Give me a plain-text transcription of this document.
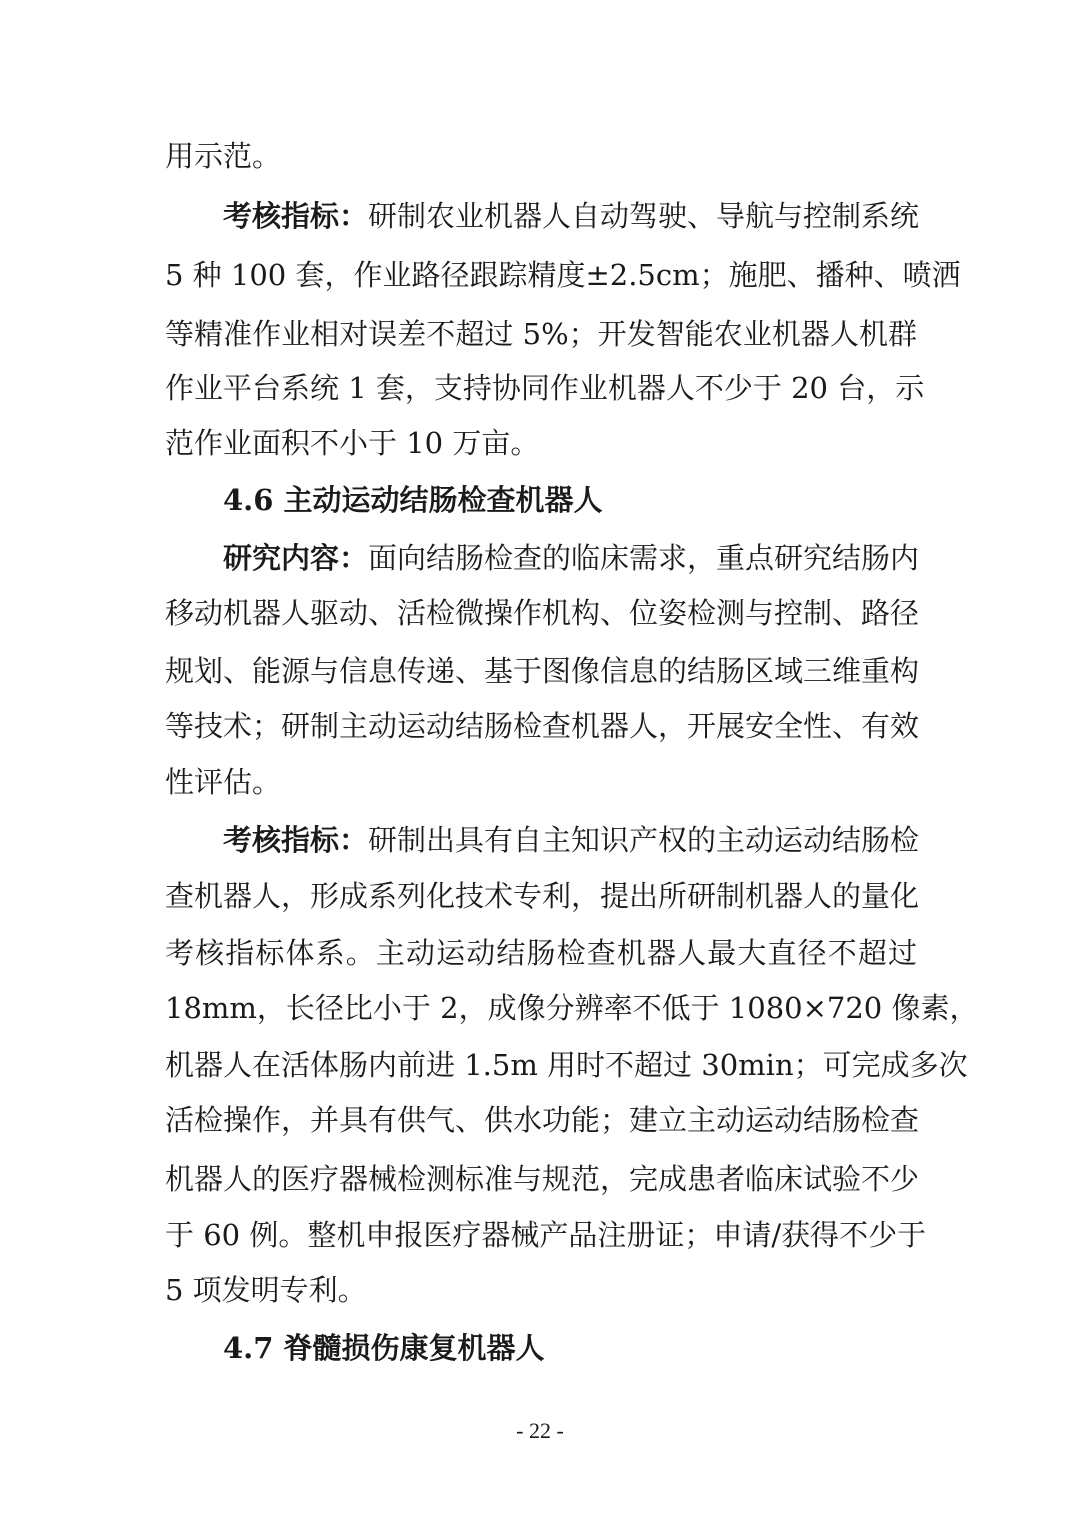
用示范。
考核指标：研制农业机器人自动驾驶、导航与控制系统
5 种 100 套，作业路径跟踪精度±2.5cm；施肥、播种、喷洒
等精准作业相对误差不超过 5%；开发智能农业机器人机群
作业平台系统 1 套，支持协同作业机器人不少于 20 台，示
范作业面积不小于 10 万亩。
4.6 主动运动结肠检查机器人
研究内容：面向结肠检查的临床需求，重点研究结肠内
移动机器人驱动、活检微操作机构、位姿检测与控制、路径
规划、能源与信息传递、基于图像信息的结肠区域三维重构
等技术；研制主动运动结肠检查机器人，开展安全性、有效
性评估。
考核指标：研制出具有自主知识产权的主动运动结肠检
查机器人，形成系列化技术专利，提出所研制机器人的量化
考核指标体系。主动运动结肠检查机器人最大直径不超过
18mm，长径比小于 2，成像分辨率不低于 1080×720 像素，
机器人在活体肠内前进 1.5m 用时不超过 30min；可完成多次
活检操作，并具有供气、供水功能；建立主动运动结肠检查
机器人的医疗器械检测标准与规范，完成患者临床试验不少
于 60 例。整机申报医疗器械产品注册证；申请/获得不少于
5 项发明专利。
4.7 脊髓损伤康复机器人
- 22 -
